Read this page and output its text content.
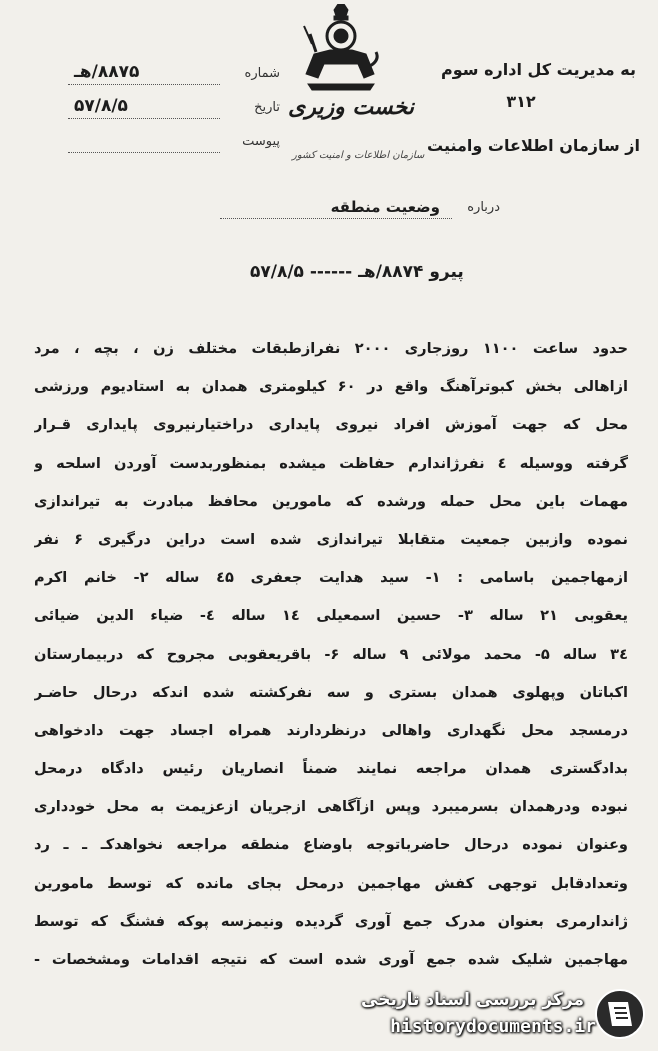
۸۸۷۵/هـ	شماره
۵۷/۸/۵	تاریخ
پیوست
به مدیریت کل اداره سوم
۳۱۲
از سازمان اطلاعات وامنیت
نخست وزیری
سازمان اطلاعات و امنیت کشور
درباره
وضعیت منطقه
پیرو ۸۸۷۴/هـ ------ ۵۷/۸/۵
حدود ساعت ۱۱۰۰ روزجاری ۲۰۰۰ نفرازطبقات مختلف زن ، بچه ، مرد
ازاهالی بخش کبوترآهنگ واقع در ۶۰ کیلومتری همدان به استادیوم ورزشی
محل که جهت آموزش افراد نیروی پایداری دراختیارنیروی پایداری قـرار
گرفته ووسیله ٤ نفرژاندارم حفاظت میشده بمنظوربدست آوردن اسلحه و
مهمات باین محل حمله ورشده که مامورین محافظ مبادرت به تیراندازی
نموده وازبین جمعیت متقابلا تیراندازی شده است دراین درگیری ۶ نفر
ازمهاجمین باسامی : ۱- سید هدایت جعفری ٤۵ ساله ۲- خانم اکرم
یعقوبی ۲۱ ساله ۳- حسین اسمعیلی ۱٤ ساله ٤- ضیاء الدین ضیائی
۳٤ ساله ۵- محمد مولائی ۹ ساله ۶- باقریعقوبی مجروح که دربیمارستان
اکباتان وپهلوی همدان بستری و سه نفرکشته شده اندکه درحال حاضـر
درمسجد محل نگهداری واهالی درنظردارند همراه اجساد جهت دادخواهی
بدادگستری همدان مراجعه نمایند ضمناً انصاریان رئیس دادگاه درمحل
نبوده ودرهمدان بسرمیبرد وپس ازآگاهی ازجریان ازعزیمت به محل خودداری
وعنوان نموده درحال حاضرباتوجه باوضاع منطقه مراجعه نخواهدکـ ـ ـ رد
وتعدادقابل توجهی کفش مهاجمین درمحل بجای مانده که توسط مامورین
ژاندارمری بعنوان مدرک جمع آوری گردیده ونیمزسه پوکه فشنگ که توسط
مهاجمین شلیک شده جمع آوری شده است که نتیجه اقدامات ومشخصات -
مرکز بررسی اسناد تاریخی
historydocuments.ir
